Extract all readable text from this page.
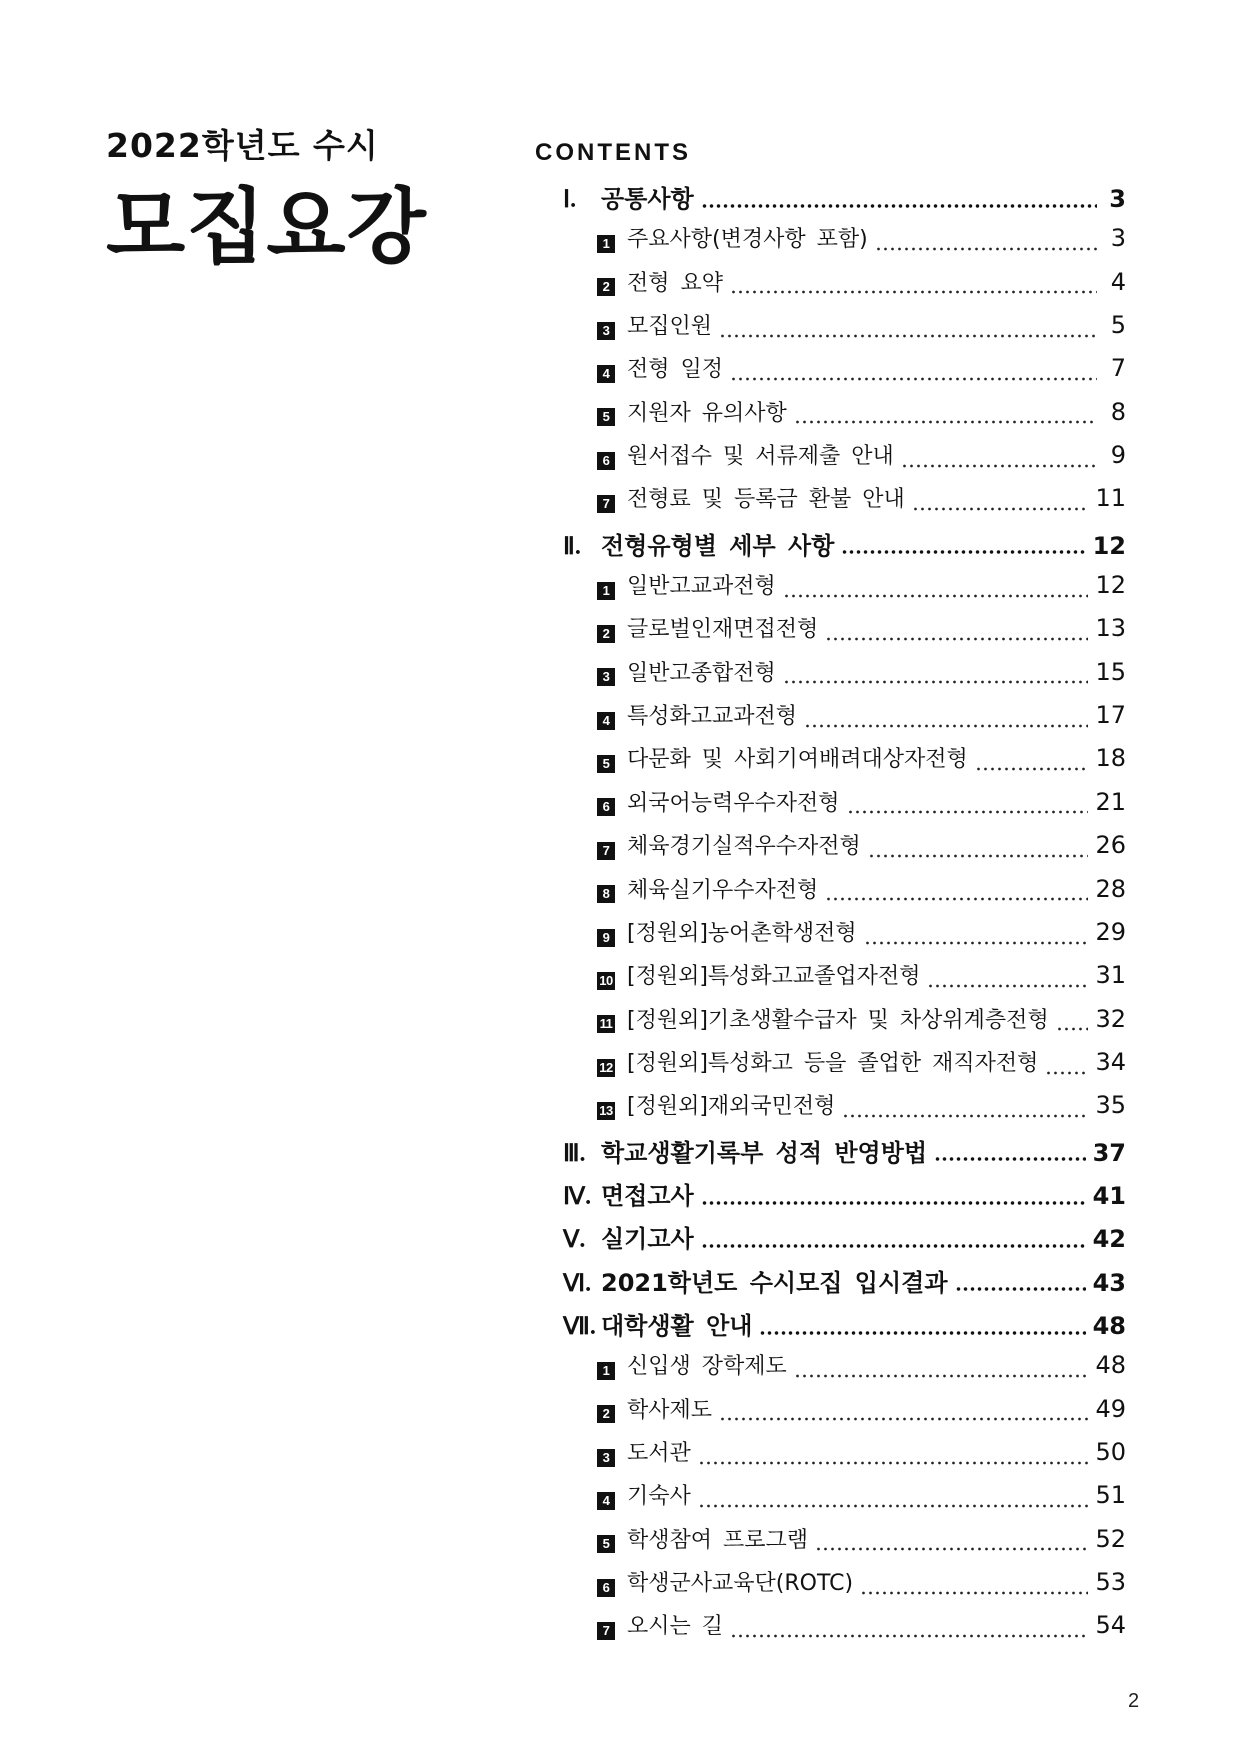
2022학년도 수시
모집요강
CONTENTS
Ⅰ.	공통사항	3
1 주요사항(변경사항 포함)	3
2 전형 요약	4
3 모집인원	5
4 전형 일정	7
5 지원자 유의사항	8
6 원서접수 및 서류제출 안내	9
7 전형료 및 등록금 환불 안내	11
Ⅱ. 전형유형별 세부 사항	12
1 일반고교과전형	12
2 글로벌인재면접전형	13
3 일반고종합전형	15
4 특성화고교과전형	17
5 다문화 및 사회기여배려대상자전형	18
6 외국어능력우수자전형	21
7 체육경기실적우수자전형	26
8 체육실기우수자전형	28
9 [정원외]농어촌학생전형	29
10 [정원외]특성화고교졸업자전형	31
11 [정원외]기초생활수급자 및 차상위계층전형 32
12 [정원외]특성화고 등을 졸업한 재직자전형 34
13 [정원외]재외국민전형	35
Ⅲ. 학교생활기록부 성적 반영방법	37
Ⅳ. 면접고사	41
Ⅴ. 실기고사	42
Ⅵ. 2021학년도 수시모집 입시결과	43
Ⅶ. 대학생활 안내	48
1 신입생 장학제도	48
2 학사제도	49
3 도서관	50
4 기숙사	51
5 학생참여 프로그램	52
6 학생군사교육단(ROTC)	53
7 오시는 길	54
2
